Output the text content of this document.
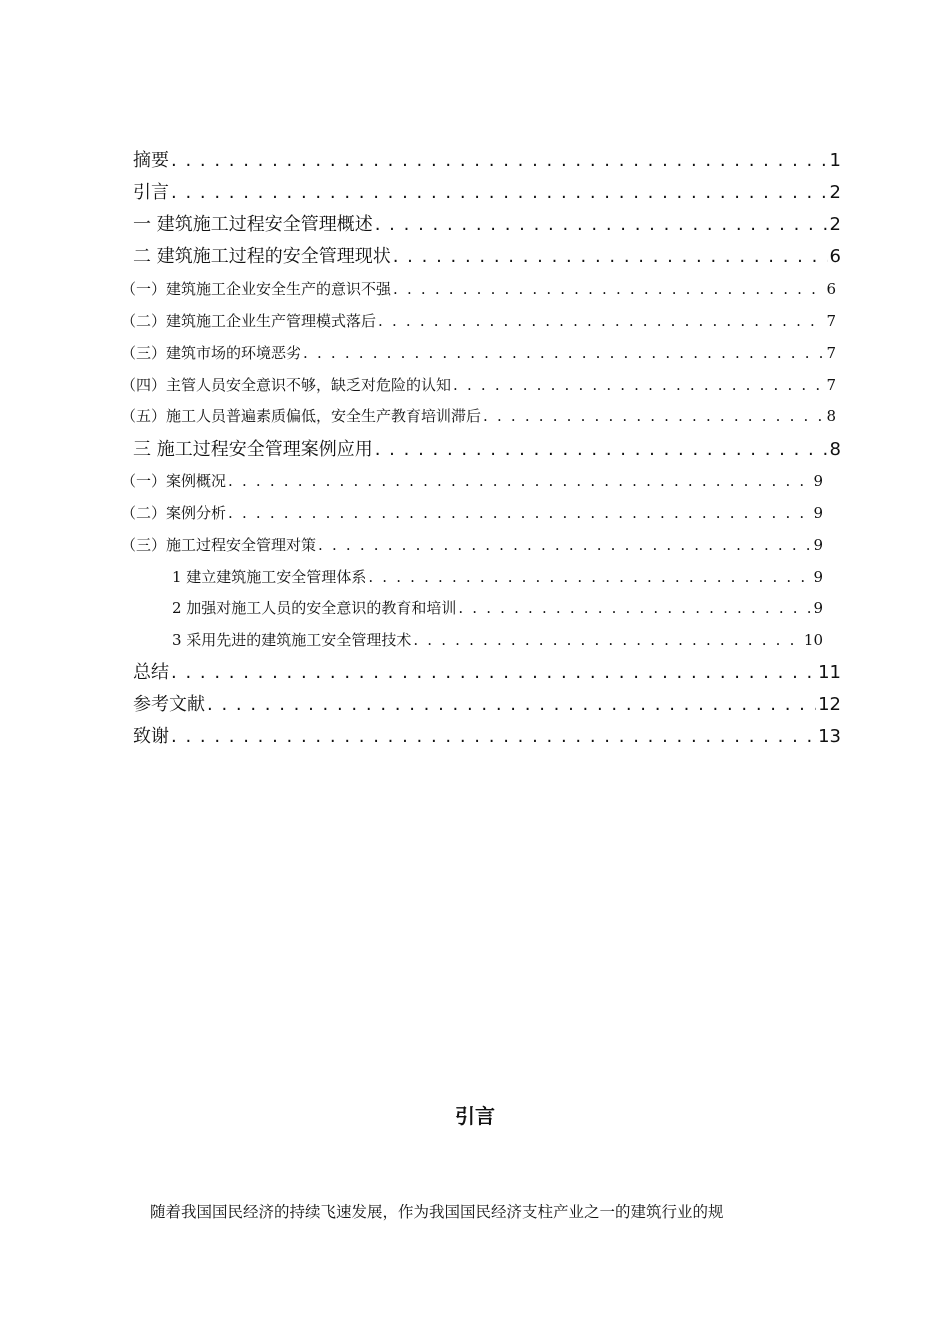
摘要 . . .	1
引言 . . .	2
一 建筑施工过程安全管理概述 . . .	2
二 建筑施工过程的安全管理现状 . . .	6
（一）建筑施工企业安全生产的意识不强 . . .	6
（二）建筑施工企业生产管理模式落后 . . .	7
（三）建筑市场的环境恶劣 . . .	7
（四）主管人员安全意识不够，缺乏对危险的认知 . . .	7
（五）施工人员普遍素质偏低，安全生产教育培训滞后 . . .	8
三 施工过程安全管理案例应用 . . .	8
（一）案例概况 . . .	9
（二）案例分析 . . .	9
（三）施工过程安全管理对策 . . .	9
1 建立建筑施工安全管理体系 . . .	9
2 加强对施工人员的安全意识的教育和培训 . . .	9
3 采用先进的建筑施工安全管理技术 . . .	10
总结 . . .	11
参考文献 . . .	12
致谢 . . .	13
引言
随着我国国民经济的持续飞速发展，作为我国国民经济支柱产业之一的建筑行业的规
